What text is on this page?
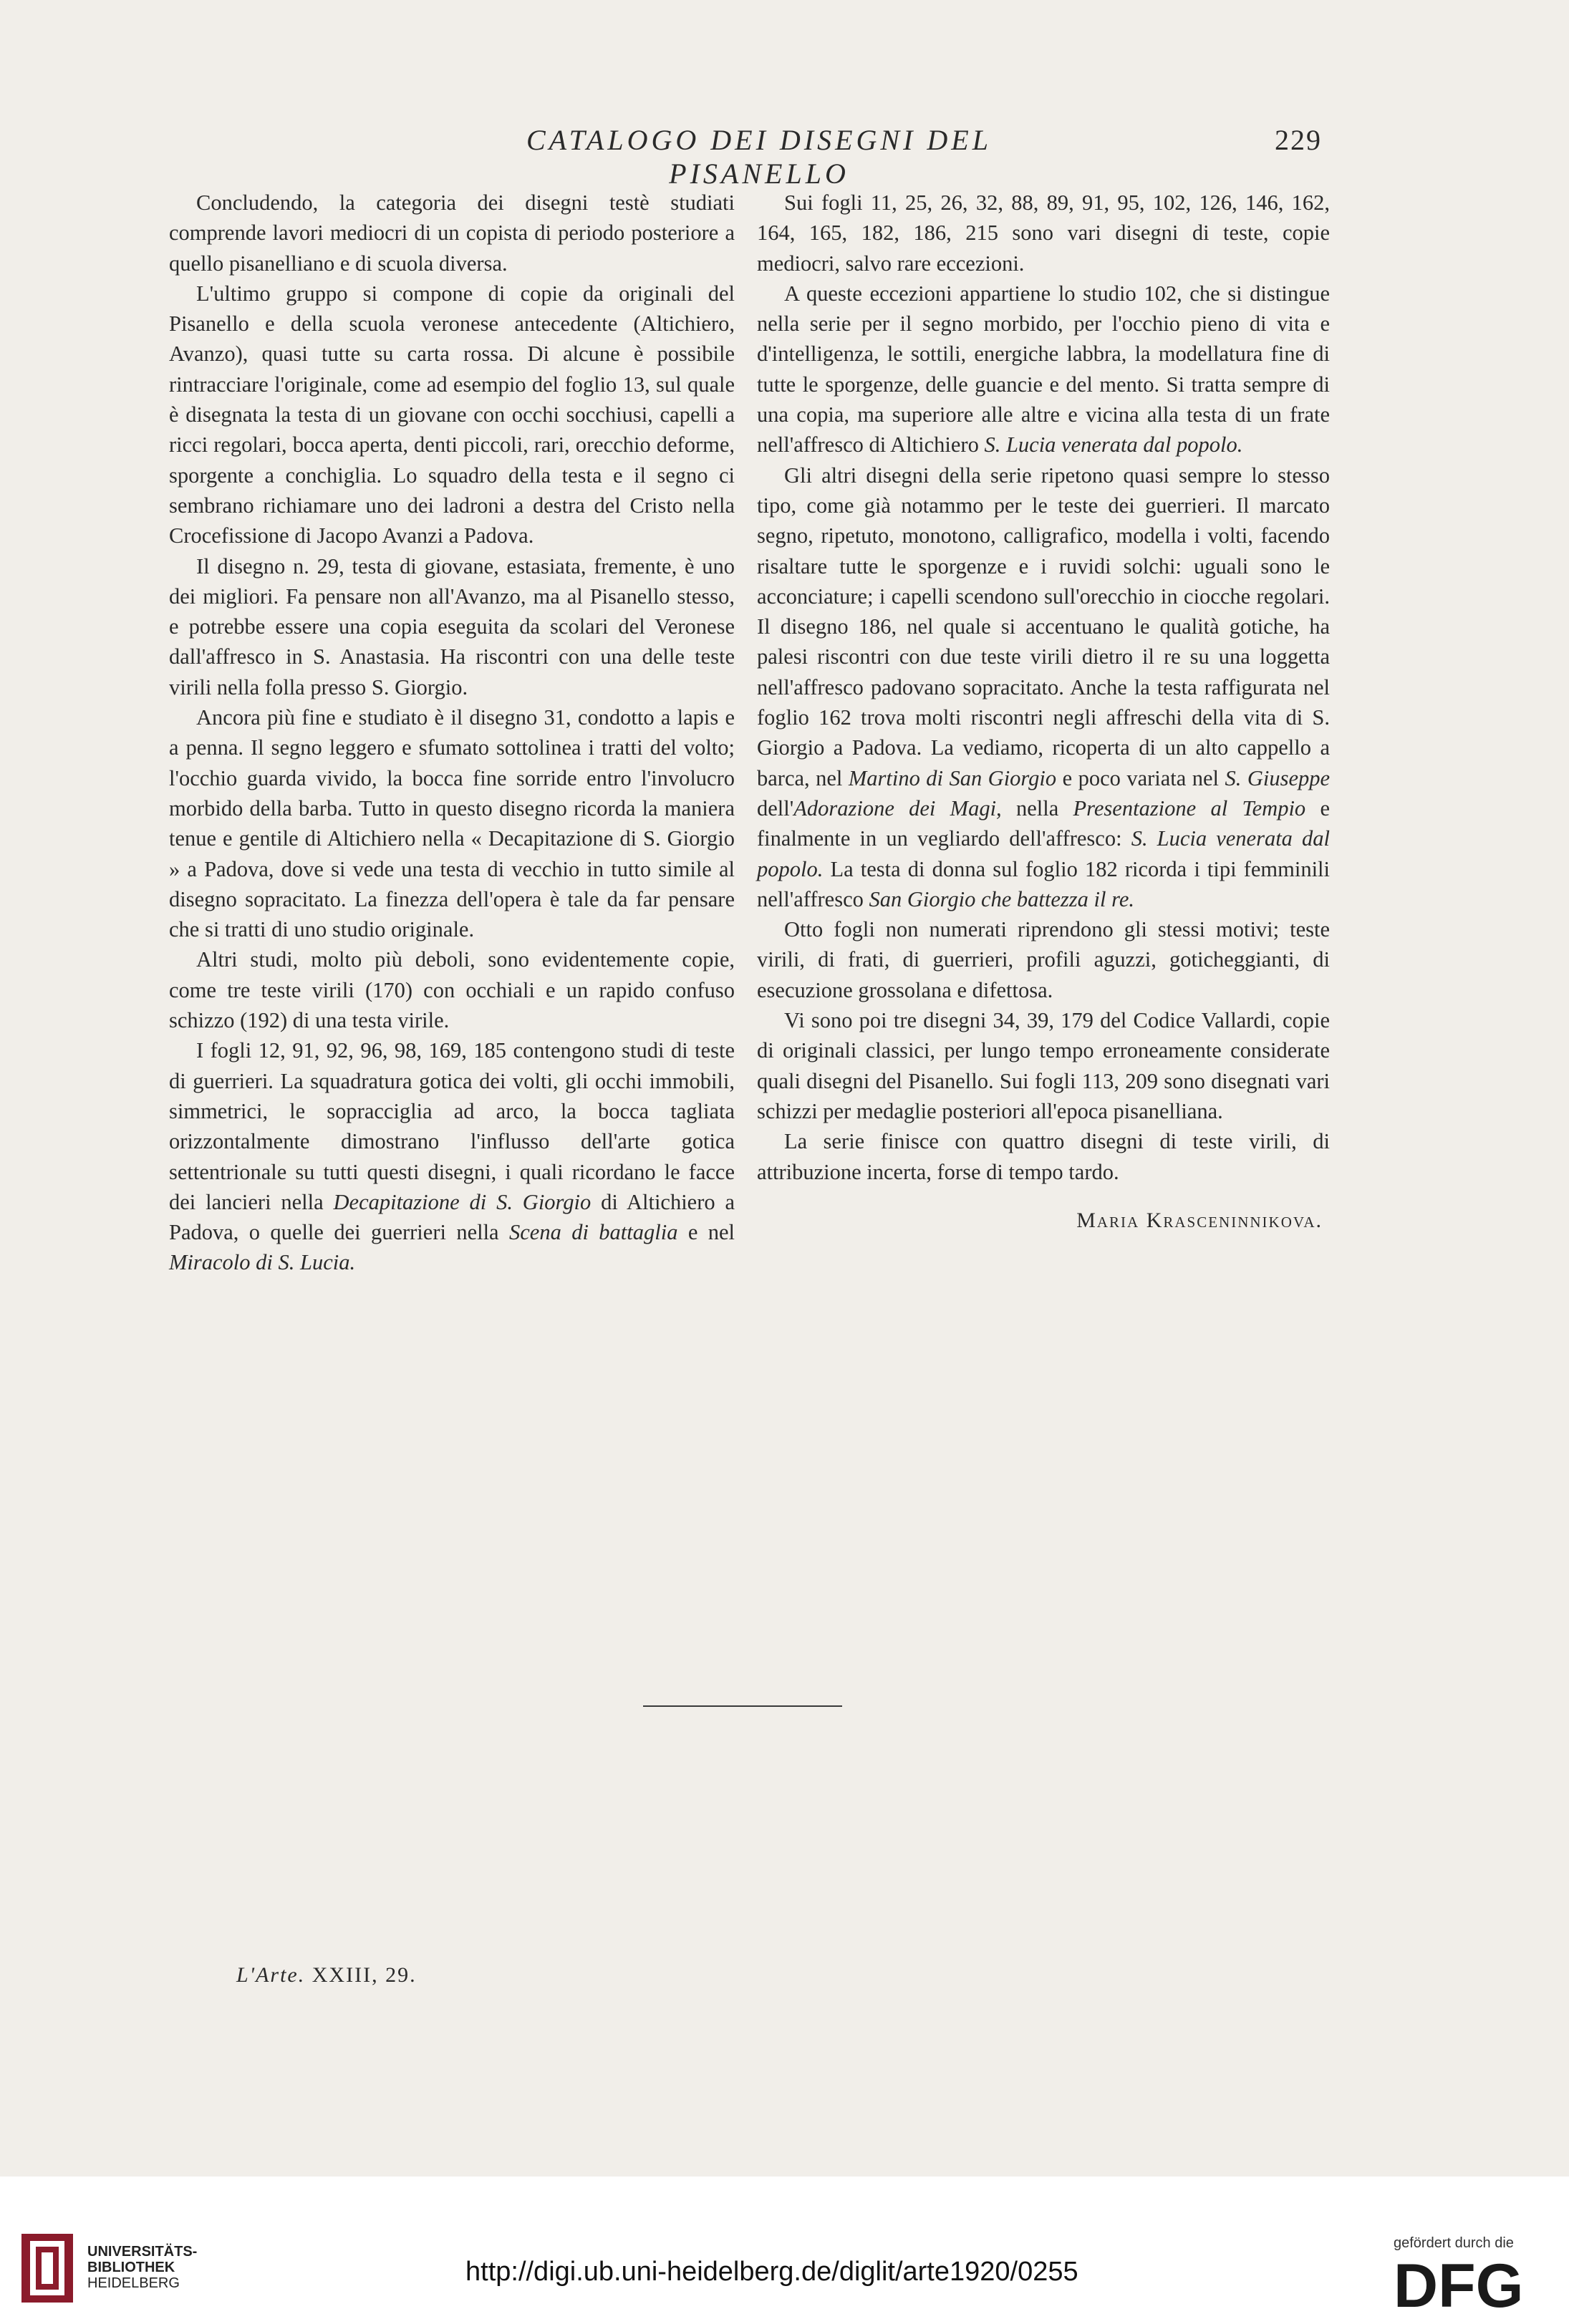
CATALOGO DEI DISEGNI DEL PISANELLO
229

Concludendo, la categoria dei disegni testè studiati comprende lavori mediocri di un copista di periodo posteriore a quello pisanelliano e di scuola diversa.

L'ultimo gruppo si compone di copie da originali del Pisanello e della scuola veronese antecedente (Altichiero, Avanzo), quasi tutte su carta rossa. Di alcune è possibile rintracciare l'originale, come ad esempio del foglio 13, sul quale è disegnata la testa di un giovane con occhi socchiusi, capelli a ricci regolari, bocca aperta, denti piccoli, rari, orecchio deforme, sporgente a conchiglia. Lo squadro della testa e il segno ci sembrano richiamare uno dei ladroni a destra del Cristo nella Crocefissione di Jacopo Avanzi a Padova.

Il disegno n. 29, testa di giovane, estasiata, fremente, è uno dei migliori. Fa pensare non all'Avanzo, ma al Pisanello stesso, e potrebbe essere una copia eseguita da scolari del Veronese dall'affresco in S. Anastasia. Ha riscontri con una delle teste virili nella folla presso S. Giorgio.

Ancora più fine e studiato è il disegno 31, condotto a lapis e a penna. Il segno leggero e sfumato sottolinea i tratti del volto; l'occhio guarda vivido, la bocca fine sorride entro l'involucro morbido della barba. Tutto in questo disegno ricorda la maniera tenue e gentile di Altichiero nella « Decapitazione di S. Giorgio » a Padova, dove si vede una testa di vecchio in tutto simile al disegno sopracitato. La finezza dell'opera è tale da far pensare che si tratti di uno studio originale.

Altri studi, molto più deboli, sono evidentemente copie, come tre teste virili (170) con occhiali e un rapido confuso schizzo (192) di una testa virile.

I fogli 12, 91, 92, 96, 98, 169, 185 contengono studi di teste di guerrieri. La squadratura gotica dei volti, gli occhi immobili, simmetrici, le sopracciglia ad arco, la bocca tagliata orizzontalmente dimostrano l'influsso dell'arte gotica settentrionale su tutti questi disegni, i quali ricordano le facce dei lancieri nella Decapitazione di S. Giorgio di Altichiero a Padova, o quelle dei guerrieri nella Scena di battaglia e nel Miracolo di S. Lucia.

Sui fogli 11, 25, 26, 32, 88, 89, 91, 95, 102, 126, 146, 162, 164, 165, 182, 186, 215 sono vari disegni di teste, copie mediocri, salvo rare eccezioni.

A queste eccezioni appartiene lo studio 102, che si distingue nella serie per il segno morbido, per l'occhio pieno di vita e d'intelligenza, le sottili, energiche labbra, la modellatura fine di tutte le sporgenze, delle guancie e del mento. Si tratta sempre di una copia, ma superiore alle altre e vicina alla testa di un frate nell'affresco di Altichiero S. Lucia venerata dal popolo.

Gli altri disegni della serie ripetono quasi sempre lo stesso tipo, come già notammo per le teste dei guerrieri. Il marcato segno, ripetuto, monotono, calligrafico, modella i volti, facendo risaltare tutte le sporgenze e i ruvidi solchi: uguali sono le acconciature; i capelli scendono sull'orecchio in ciocche regolari. Il disegno 186, nel quale si accentuano le qualità gotiche, ha palesi riscontri con due teste virili dietro il re su una loggetta nell'affresco padovano sopracitato. Anche la testa raffigurata nel foglio 162 trova molti riscontri negli affreschi della vita di S. Giorgio a Padova. La vediamo, ricoperta di un alto cappello a barca, nel Martino di San Giorgio e poco variata nel S. Giuseppe dell'Adorazione dei Magi, nella Presentazione al Tempio e finalmente in un vegliardo dell'affresco: S. Lucia venerata dal popolo. La testa di donna sul foglio 182 ricorda i tipi femminili nell'affresco San Giorgio che battezza il re.

Otto fogli non numerati riprendono gli stessi motivi; teste virili, di frati, di guerrieri, profili aguzzi, goticheggianti, di esecuzione grossolana e difettosa.

Vi sono poi tre disegni 34, 39, 179 del Codice Vallardi, copie di originali classici, per lungo tempo erroneamente considerate quali disegni del Pisanello. Sui fogli 113, 209 sono disegnati vari schizzi per medaglie posteriori all'epoca pisanelliana.

La serie finisce con quattro disegni di teste virili, di attribuzione incerta, forse di tempo tardo.

Maria Krasceninnikova.

L'Arte. XXIII, 29.
UNIVERSITÄTS-
BIBLIOTHEK
HEIDELBERG	http://digi.ub.uni-heidelberg.de/diglit/arte1920/0255
gefördert durch die
DFG
